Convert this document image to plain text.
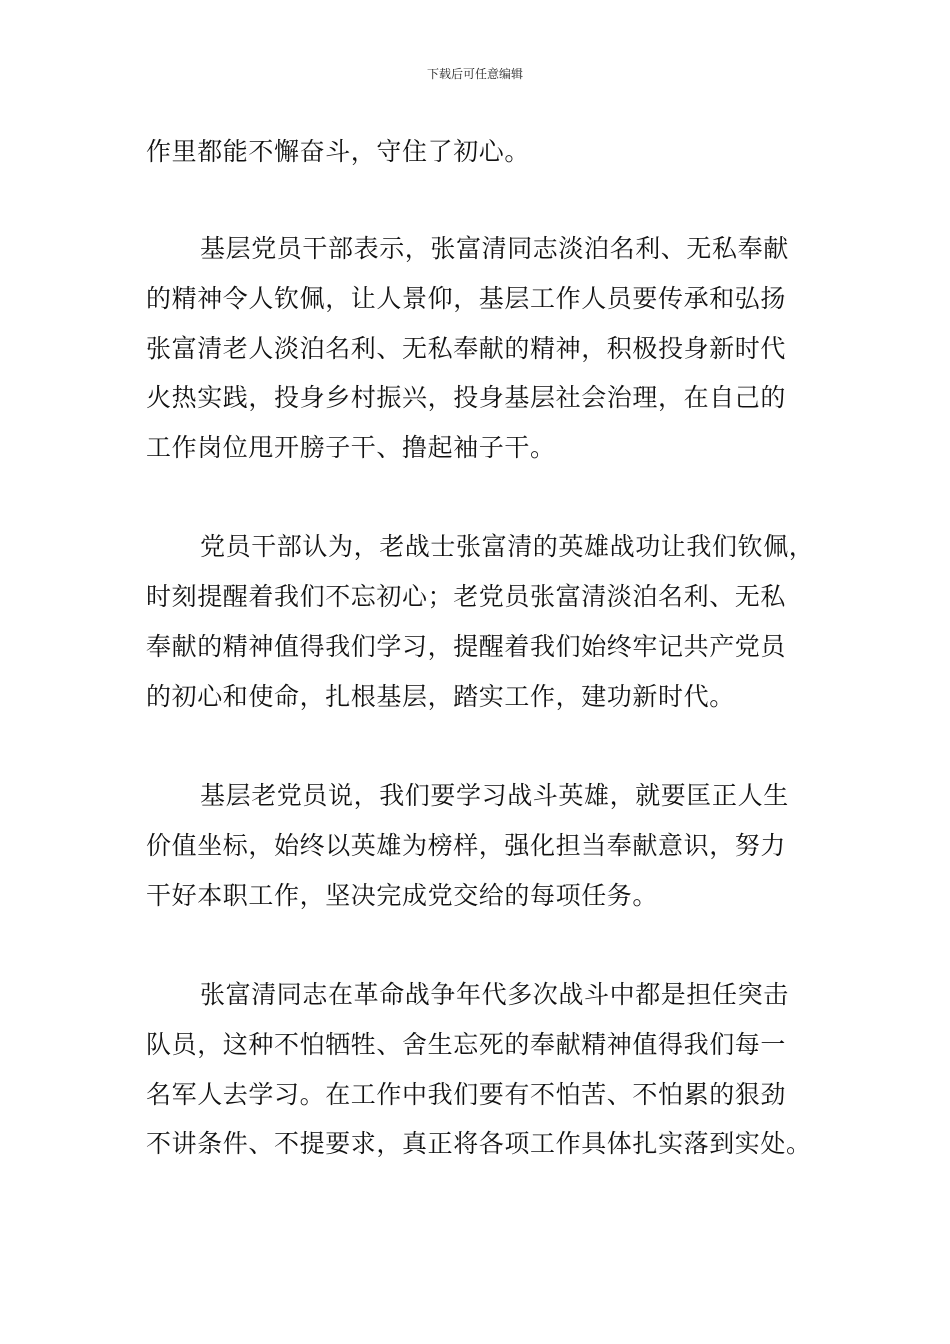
下载后可任意编辑
作里都能不懈奋斗，守住了初心。
基层党员干部表示，张富清同志淡泊名利、无私奉献
的精神令人钦佩，让人景仰，基层工作人员要传承和弘扬
张富清老人淡泊名利、无私奉献的精神，积极投身新时代
火热实践，投身乡村振兴，投身基层社会治理，在自己的
工作岗位甩开膀子干、撸起袖子干。
党员干部认为，老战士张富清的英雄战功让我们钦佩，
时刻提醒着我们不忘初心；老党员张富清淡泊名利、无私
奉献的精神值得我们学习，提醒着我们始终牢记共产党员
的初心和使命，扎根基层，踏实工作，建功新时代。
基层老党员说，我们要学习战斗英雄，就要匡正人生
价值坐标，始终以英雄为榜样，强化担当奉献意识，努力
干好本职工作，坚决完成党交给的每项任务。
张富清同志在革命战争年代多次战斗中都是担任突击
队员，这种不怕牺牲、舍生忘死的奉献精神值得我们每一
名军人去学习。在工作中我们要有不怕苦、不怕累的狠劲
不讲条件、不提要求，真正将各项工作具体扎实落到实处。
